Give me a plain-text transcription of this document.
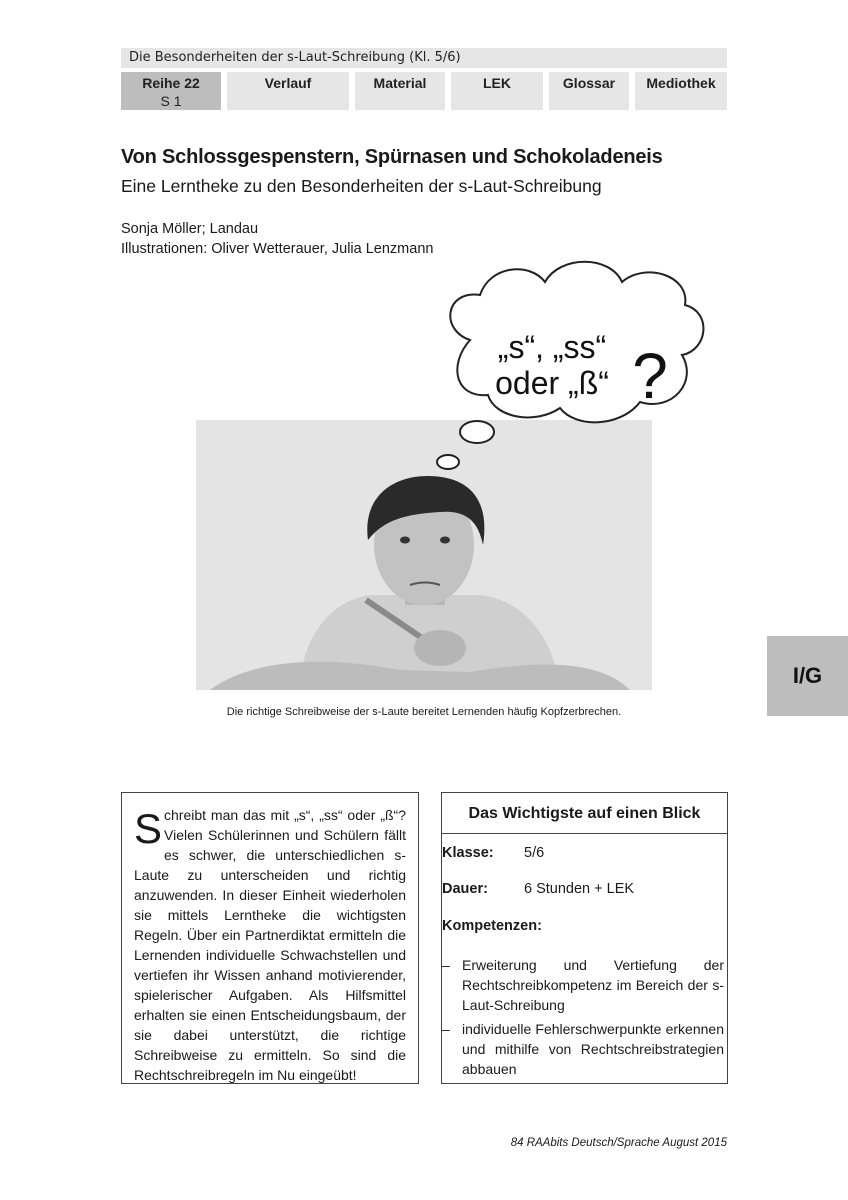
Die Besonderheiten der s-Laut-Schreibung (Kl. 5/6)
Reihe 22
S 1
Verlauf	Material	LEK	Glossar	Mediothek
Von Schlossgespenstern, Spürnasen und Schokoladeneis
Eine Lerntheke zu den Besonderheiten der s-Laut-Schreibung
Sonja Möller; Landau
Illustrationen: Oliver Wetterauer, Julia Lenzmann
„s“, „ss“
oder „ß“ ?
Die richtige Schreibweise der s-Laute bereitet Lernenden häufig Kopfzerbrechen.
I/G
S chreibt man das mit „s“, „ss“ oder „ß“? Vielen Schülerinnen und Schülern fällt es schwer, die unterschiedlichen s-Laute zu unterscheiden und richtig anzuwenden. In dieser Einheit wiederholen sie mittels Lerntheke die wichtigsten Regeln. Über ein Partnerdiktat ermitteln die Lernenden individuelle Schwachstellen und vertiefen ihr Wissen anhand motivierender, spielerischer Aufgaben. Als Hilfsmittel erhalten sie einen Entscheidungsbaum, der sie dabei unterstützt, die richtige Schreibweise zu ermitteln. So sind die Rechtschreibregeln im Nu eingeübt!
Das Wichtigste auf einen Blick
Klasse: 5/6
Dauer: 6 Stunden + LEK
Kompetenzen:
– Erweiterung und Vertiefung der Rechtschreibkompetenz im Bereich der s-Laut-Schreibung
– individuelle Fehlerschwerpunkte erkennen und mithilfe von Rechtschreibstrategien abbauen
84 RAAbits Deutsch/Sprache August 2015
